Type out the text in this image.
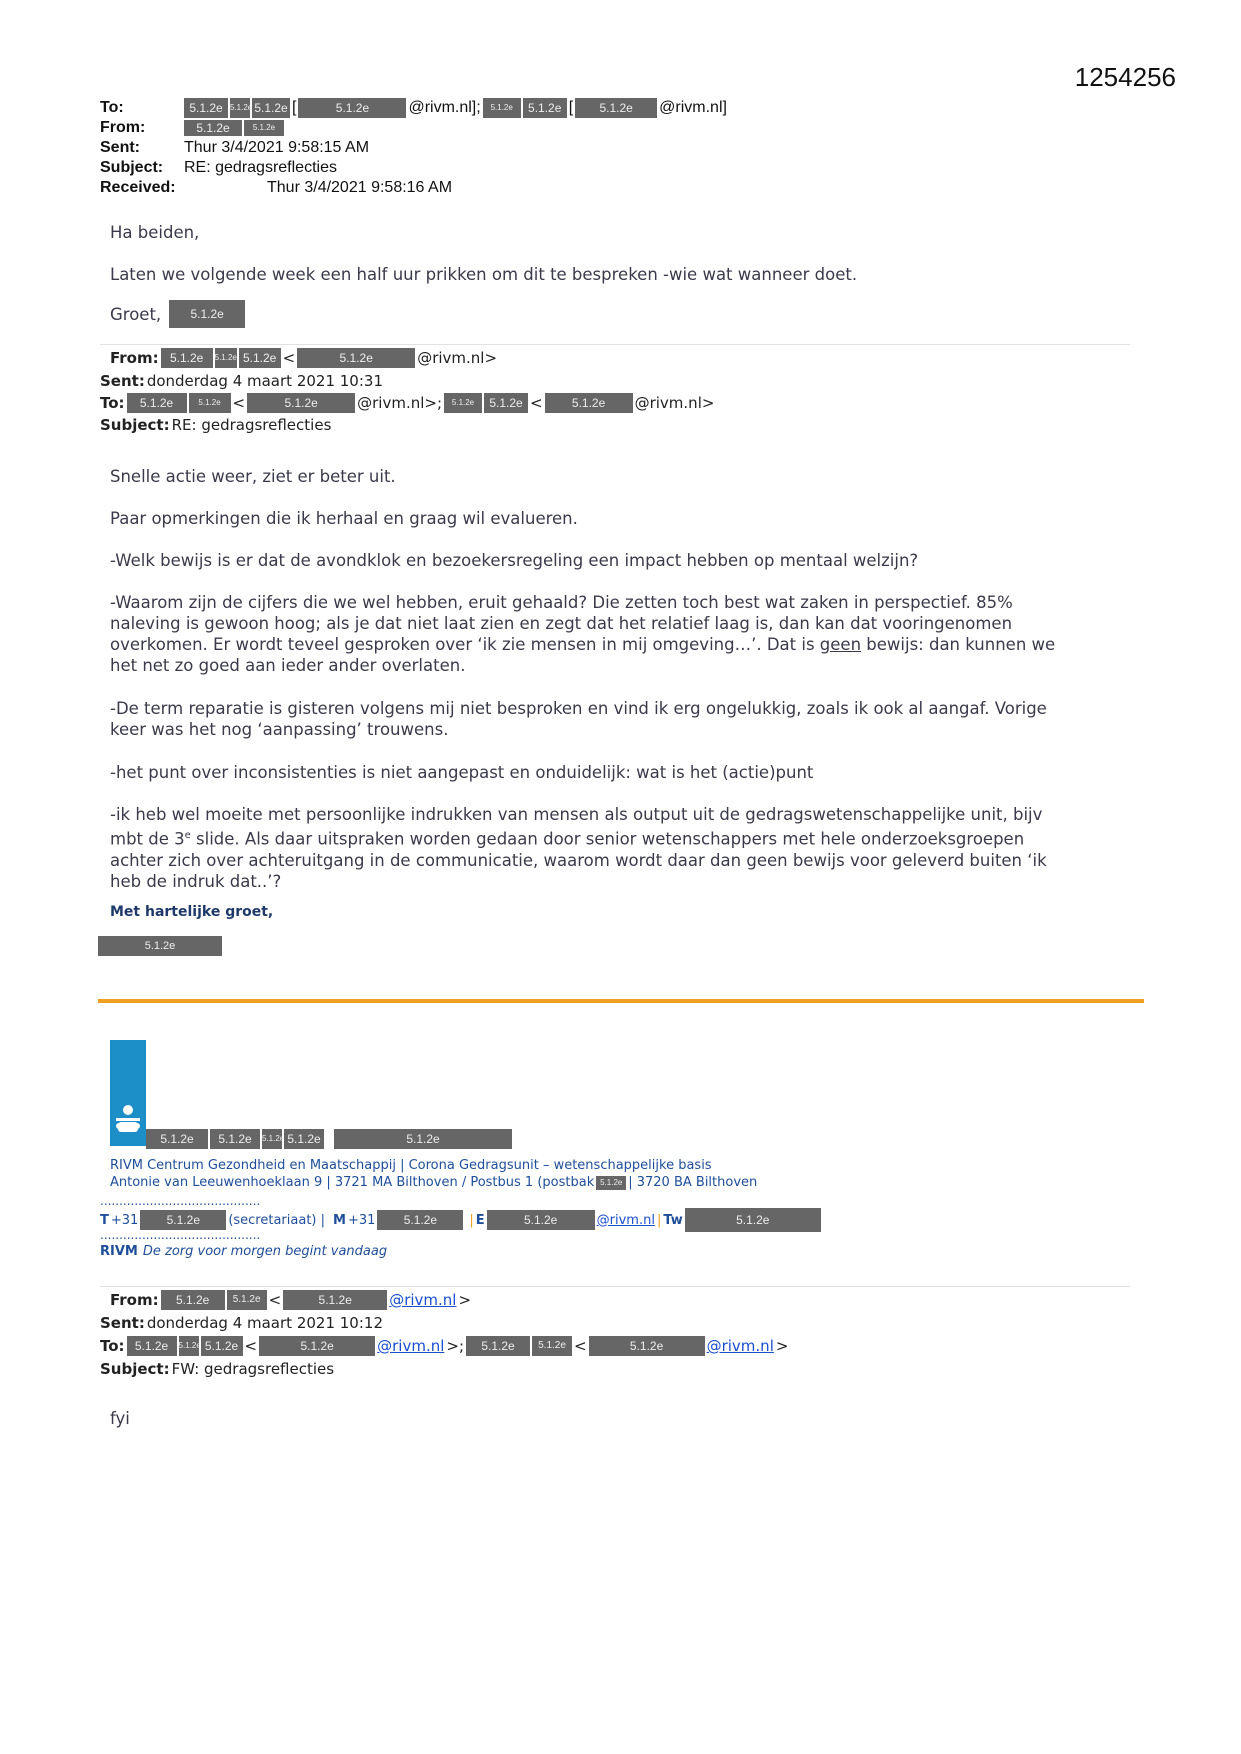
1254256
To:	5.1.2e 5.1.2e 5.1.2e [	5.1.2e	@rivm.nl];	5.1.2e	5.1.2e [	5.1.2e	@rivm.nl]
From:	5.1.2e	5.1.2e
Sent:	Thur 3/4/2021 9:58:15 AM
Subject:	RE: gedragsreflecties
Received:	Thur 3/4/2021 9:58:16 AM
Ha beiden,
Laten we volgende week een half uur prikken om dit te bespreken -wie wat wanneer doet.
Groet,	5.1.2e
From: 5.1.2e	5.1.2e 5.1.2e <	5.1.2e	@rivm.nl>
Sent: donderdag 4 maart 2021 10:31
To:	5.1.2e	5.1.2e <	5.1.2e	@rivm.nl>;	5.1.2e	5.1.2e <	5.1.2e	@rivm.nl>
Subject: RE: gedragsreflecties
Snelle actie weer, ziet er beter uit.
Paar opmerkingen die ik herhaal en graag wil evalueren.
-Welk bewijs is er dat de avondklok en bezoekersregeling een impact hebben op mentaal welzijn?
-Waarom zijn de cijfers die we wel hebben, eruit gehaald? Die zetten toch best wat zaken in perspectief. 85%
naleving is gewoon hoog; als je dat niet laat zien en zegt dat het relatief laag is, dan kan dat vooringenomen
overkomen. Er wordt teveel gesproken over ‘ik zie mensen in mij omgeving…’. Dat is geen bewijs: dan kunnen we
het net zo goed aan ieder ander overlaten.
-De term reparatie is gisteren volgens mij niet besproken en vind ik erg ongelukkig, zoals ik ook al aangaf. Vorige
keer was het nog ‘aanpassing’ trouwens.
-het punt over inconsistenties is niet aangepast en onduidelijk: wat is het (actie)punt
-ik heb wel moeite met persoonlijke indrukken van mensen als output uit de gedragswetenschappelijke unit, bijv
mbt de 3e slide. Als daar uitspraken worden gedaan door senior wetenschappers met hele onderzoeksgroepen
achter zich over achteruitgang in de communicatie, waarom wordt daar dan geen bewijs voor geleverd buiten ‘ik
heb de indruk dat..’?
Met hartelijke groet,
5.1.2e
5.1.2e	5.1.2e	5.1.2e 5.1.2e	5.1.2e
RIVM Centrum Gezondheid en Maatschappij | Corona Gedragsunit – wetenschappelijke basis
Antonie van Leeuwenhoeklaan 9 | 3721 MA Bilthoven / Postbus 1 (postbak 5.1.2e | 3720 BA Bilthoven
..........................................
T +31	5.1.2e	(secretariaat) | M +31	5.1.2e	| E	5.1.2e	@rivm.nl | Tw	5.1.2e
..........................................
RIVM De zorg voor morgen begint vandaag
From:	5.1.2e	5.1.2e <	5.1.2e	@rivm.nl >
Sent: donderdag 4 maart 2021 10:12
To: 5.1.2e	5.1.2e 5.1.2e <	5.1.2e	@rivm.nl >;	5.1.2e	5.1.2e <	5.1.2e	@rivm.nl >
Subject: FW: gedragsreflecties
fyi
